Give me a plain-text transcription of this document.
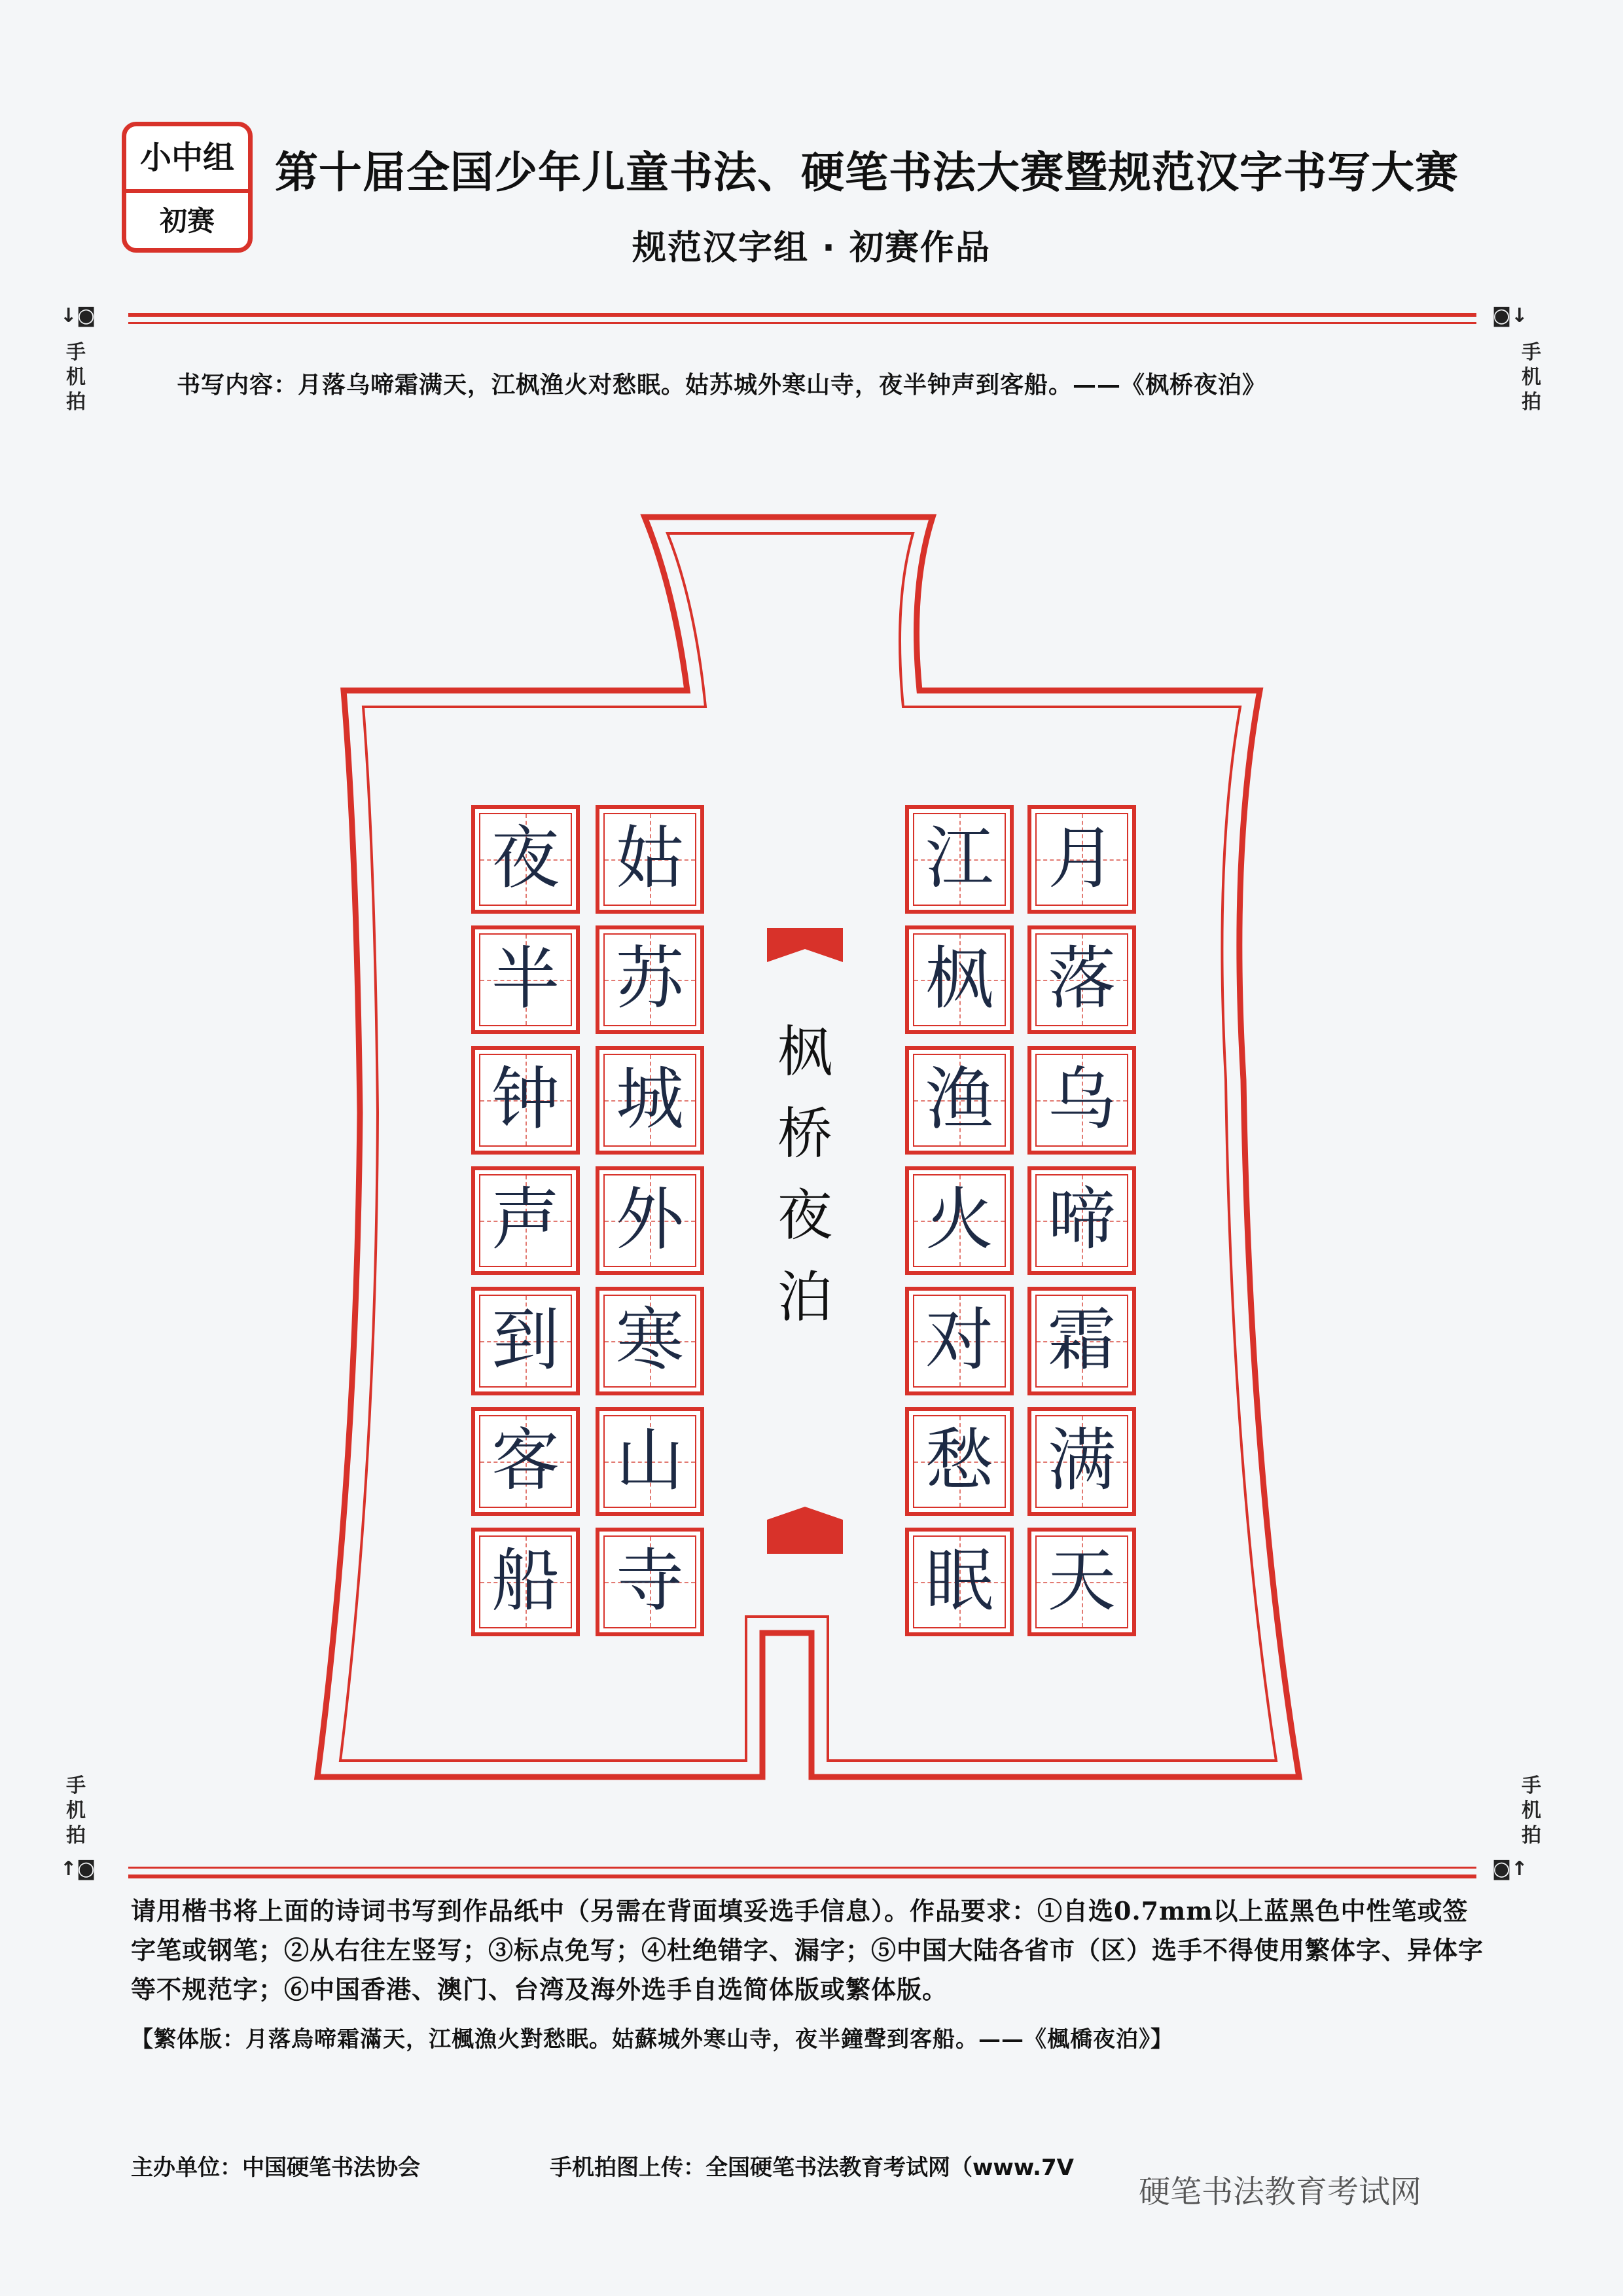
小中组
初赛
第十届全国少年儿童书法、硬笔书法大赛暨规范汉字书写大赛
规范汉字组 · 初赛作品
↓◙	◙↓
手
机
拍
手
机
拍
书写内容：月落乌啼霜满天，江枫渔火对愁眠。姑苏城外寒山寺，夜半钟声到客船。——《枫桥夜泊》
月
落
乌
啼
霜
满
天
江
枫
渔
火
对
愁
眠
枫
桥
夜
泊
姑
苏
城
外
寒
山
寺
夜
半
钟
声
到
客
船
手
机
拍
手
机
拍
↑◙	◙↑
请用楷书将上面的诗词书写到作品纸中（另需在背面填妥选手信息）。作品要求：①自选0.7mm以上蓝黑色中性笔或签字笔或钢笔；②从右往左竖写；③标点免写；④杜绝错字、漏字；⑤中国大陆各省市（区）选手不得使用繁体字、异体字等不规范字；⑥中国香港、澳门、台湾及海外选手自选简体版或繁体版。
【繁体版：月落烏啼霜滿天，江楓漁火對愁眠。姑蘇城外寒山寺，夜半鐘聲到客船。——《楓橋夜泊》】
主办单位：中国硬笔书法协会	手机拍图上传：全国硬笔书法教育考试网（www.7V
硬笔书法教育考试网
